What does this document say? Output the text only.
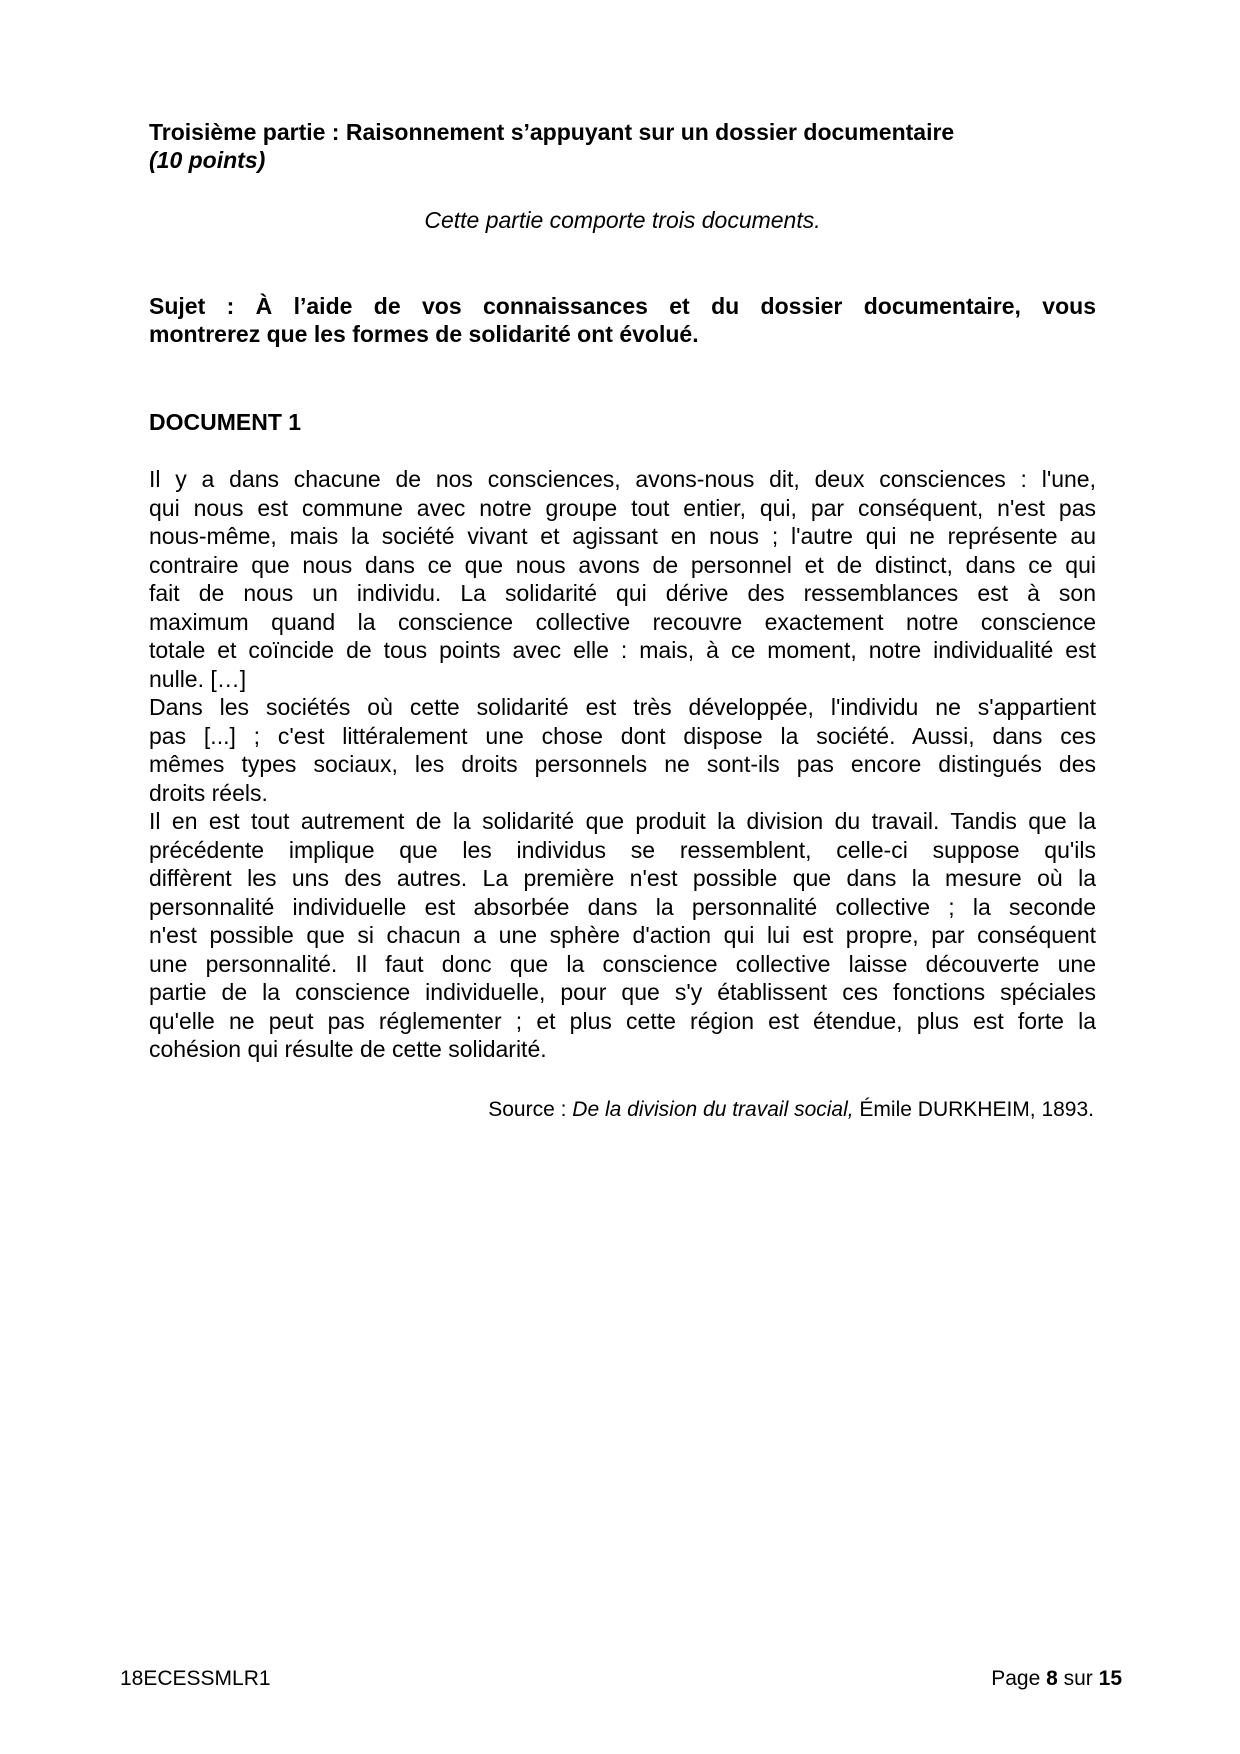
Troisième partie : Raisonnement s’appuyant sur un dossier documentaire
(10 points)
Cette partie comporte trois documents.
Sujet : À l’aide de vos connaissances et du dossier documentaire, vous
montrerez que les formes de solidarité ont évolué.
DOCUMENT 1
Il y a dans chacune de nos consciences, avons-nous dit, deux consciences : l'une,
qui nous est commune avec notre groupe tout entier, qui, par conséquent, n'est pas
nous-même, mais la société vivant et agissant en nous ; l'autre qui ne représente au
contraire que nous dans ce que nous avons de personnel et de distinct, dans ce qui
fait de nous un individu. La solidarité qui dérive des ressemblances est à son
maximum quand la conscience collective recouvre exactement notre conscience
totale et coïncide de tous points avec elle : mais, à ce moment, notre individualité est
nulle. […]
Dans les sociétés où cette solidarité est très développée, l'individu ne s'appartient
pas [...] ; c'est littéralement une chose dont dispose la société. Aussi, dans ces
mêmes types sociaux, les droits personnels ne sont-ils pas encore distingués des
droits réels.
Il en est tout autrement de la solidarité que produit la division du travail. Tandis que la
précédente implique que les individus se ressemblent, celle-ci suppose qu'ils
diffèrent les uns des autres. La première n'est possible que dans la mesure où la
personnalité individuelle est absorbée dans la personnalité collective ; la seconde
n'est possible que si chacun a une sphère d'action qui lui est propre, par conséquent
une personnalité. Il faut donc que la conscience collective laisse découverte une
partie de la conscience individuelle, pour que s'y établissent ces fonctions spéciales
qu'elle ne peut pas réglementer ; et plus cette région est étendue, plus est forte la
cohésion qui résulte de cette solidarité.
Source : De la division du travail social, Émile DURKHEIM, 1893.
18ECESSMLR1	Page 8 sur 15
